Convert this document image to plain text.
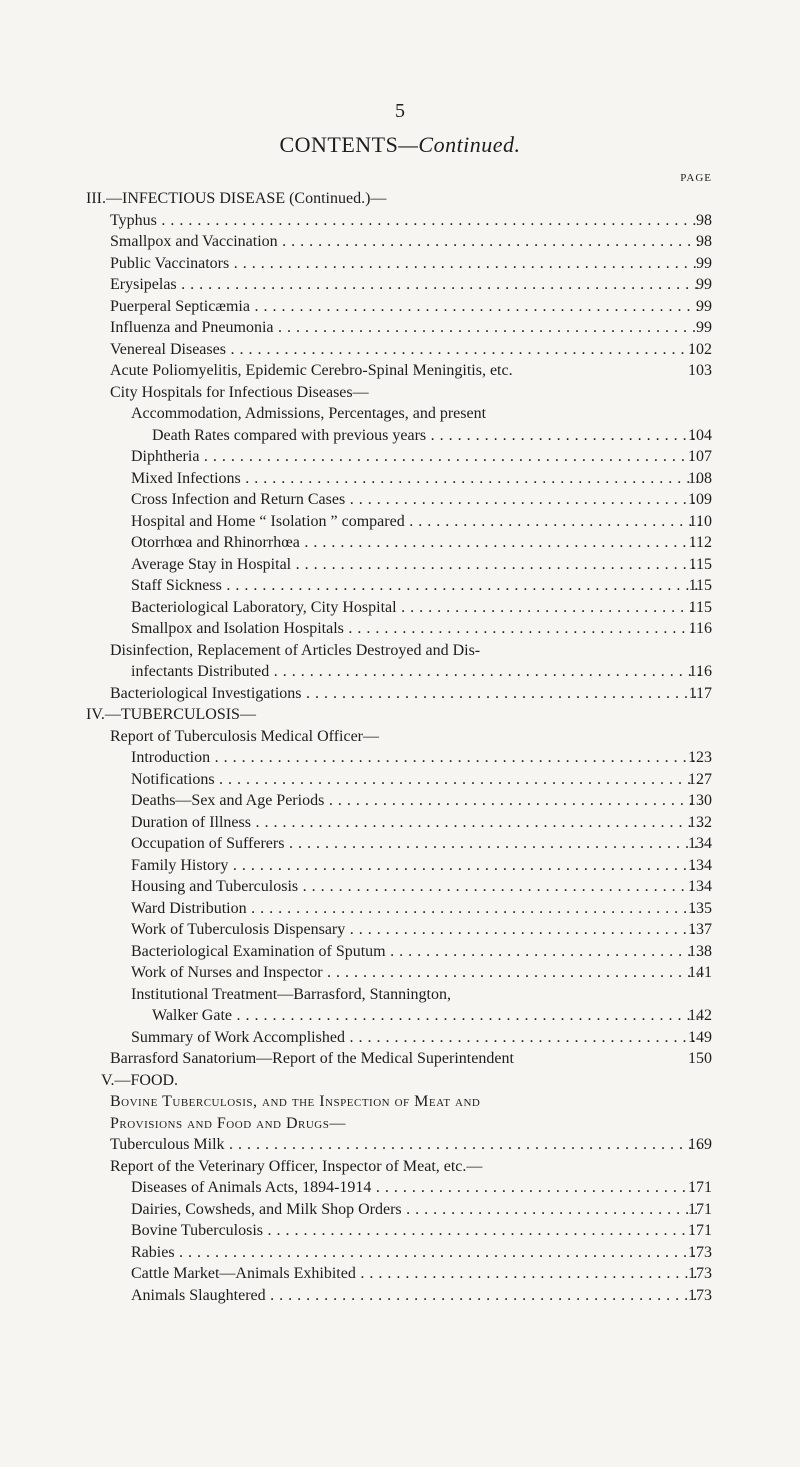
5
CONTENTS—Continued.
PAGE
III.—INFECTIOUS DISEASE (Continued.)—
Typhus . . .	98
Smallpox and Vaccination . . .	98
Public Vaccinators . . .	99
Erysipelas . . .	99
Puerperal Septicæmia . . .	99
Influenza and Pneumonia . . .	99
Venereal Diseases . . .	102
Acute Poliomyelitis, Epidemic Cerebro-Spinal Meningitis, etc.	103
City Hospitals for Infectious Diseases—
Accommodation, Admissions, Percentages, and present
Death Rates compared with previous years . . .	104
Diphtheria . . .	107
Mixed Infections . . .	108
Cross Infection and Return Cases . . .	109
Hospital and Home “ Isolation ” compared . . .	110
Otorrhœa and Rhinorrhœa . . .	112
Average Stay in Hospital . . .	115
Staff Sickness . . .	115
Bacteriological Laboratory, City Hospital . . .	115
Smallpox and Isolation Hospitals . . .	116
Disinfection, Replacement of Articles Destroyed and Dis-
infectants Distributed . . .	116
Bacteriological Investigations . . .	117
IV.—TUBERCULOSIS—
Report of Tuberculosis Medical Officer—
Introduction . . .	123
Notifications . . .	127
Deaths—Sex and Age Periods . . .	130
Duration of Illness . . .	132
Occupation of Sufferers . . .	134
Family History . . .	134
Housing and Tuberculosis . . .	134
Ward Distribution . . .	135
Work of Tuberculosis Dispensary . . .	137
Bacteriological Examination of Sputum . . .	138
Work of Nurses and Inspector . . .	141
Institutional Treatment—Barrasford, Stannington,
Walker Gate . . .	142
Summary of Work Accomplished . . .	149
Barrasford Sanatorium—Report of the Medical Superintendent	150
V.—FOOD.
Bovine Tuberculosis, and the Inspection of Meat and
Provisions and Food and Drugs—
Tuberculous Milk . . .	169
Report of the Veterinary Officer, Inspector of Meat, etc.—
Diseases of Animals Acts, 1894-1914 . . .	171
Dairies, Cowsheds, and Milk Shop Orders . . .	171
Bovine Tuberculosis . . .	171
Rabies . . .	173
Cattle Market—Animals Exhibited . . .	173
Animals Slaughtered . . .	173
